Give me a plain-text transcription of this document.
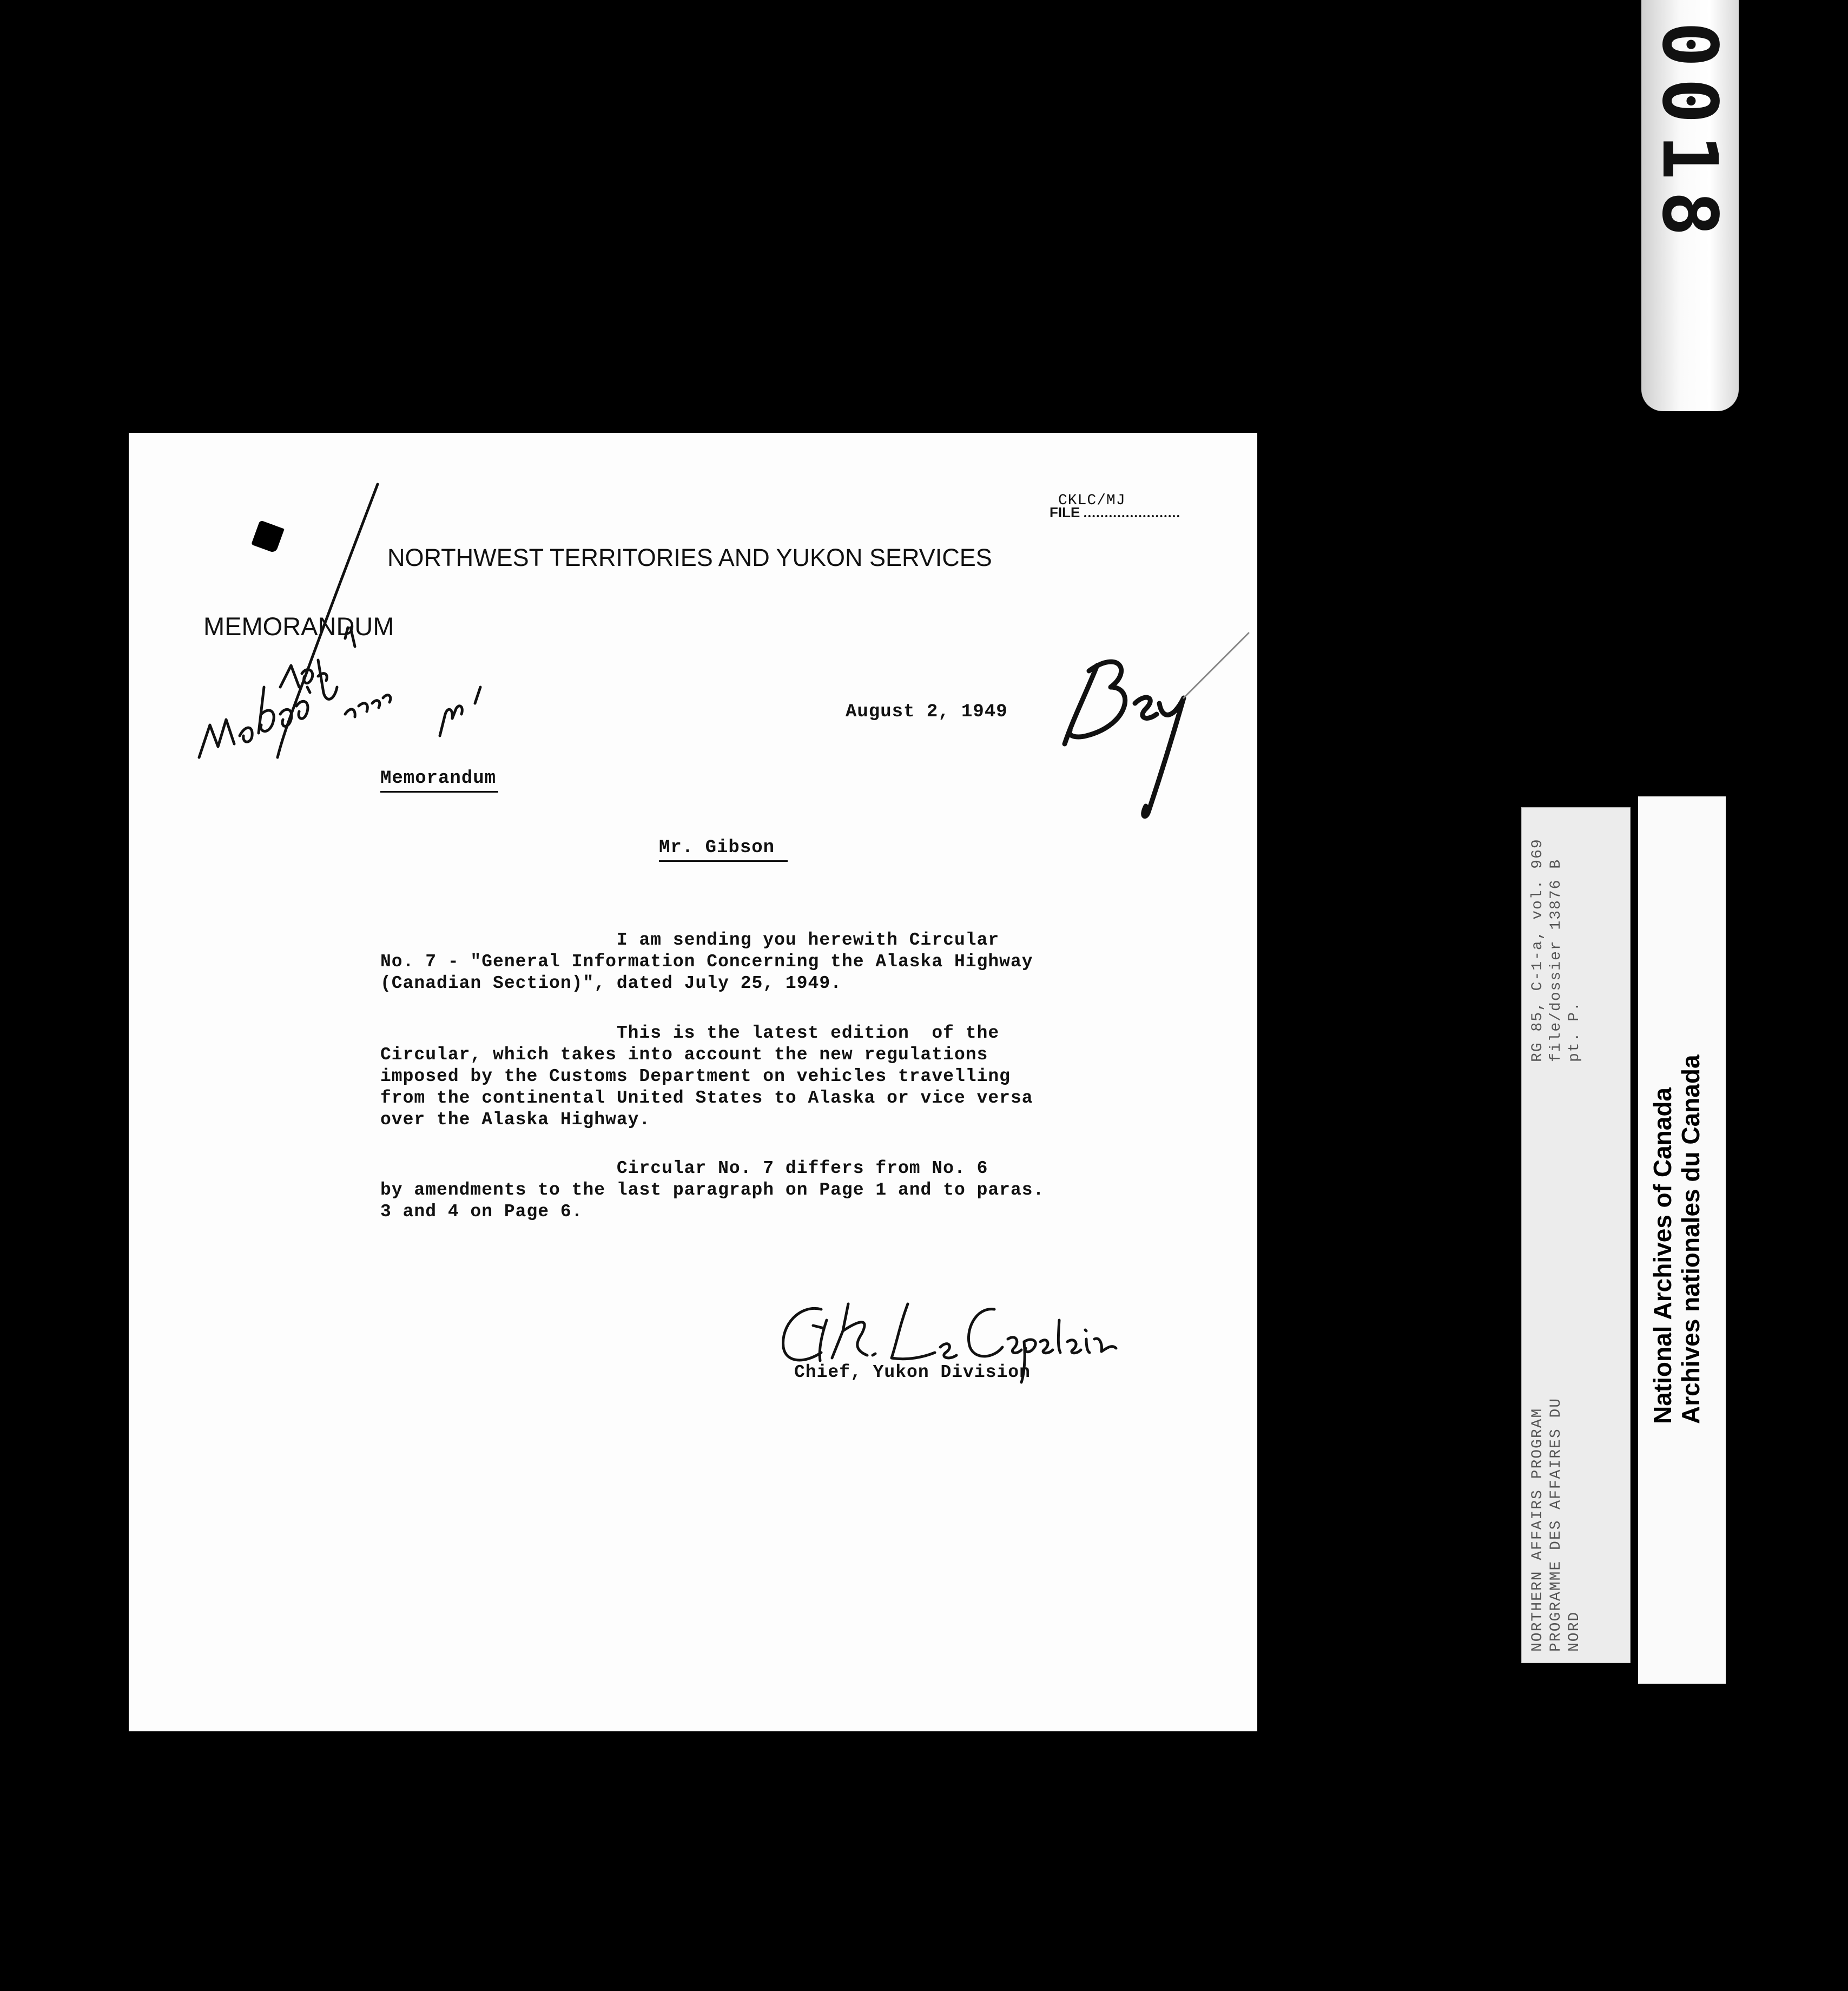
CKLC/MJ
FILE
NORTHWEST TERRITORIES AND YUKON SERVICES
MEMORANDUM
August 2, 1949
Memorandum
Mr. Gibson
I am sending you herewith Circular
No. 7 - "General Information Concerning the Alaska Highway
(Canadian Section)", dated July 25, 1949.
This is the latest edition  of the
Circular, which takes into account the new regulations
imposed by the Customs Department on vehicles travelling
from the continental United States to Alaska or vice versa
over the Alaska Highway.
Circular No. 7 differs from No. 6
by amendments to the last paragraph on Page 1 and to paras.
3 and 4 on Page 6.
Chief, Yukon Division
NORTHERN AFFAIRS PROGRAM PROGRAMME DES AFFAIRES DU NORD
RG 85, C-1-a, vol. 969 file/dossier 13876 B pt. P.
National Archives of Canada Archives nationales du Canada
0018
